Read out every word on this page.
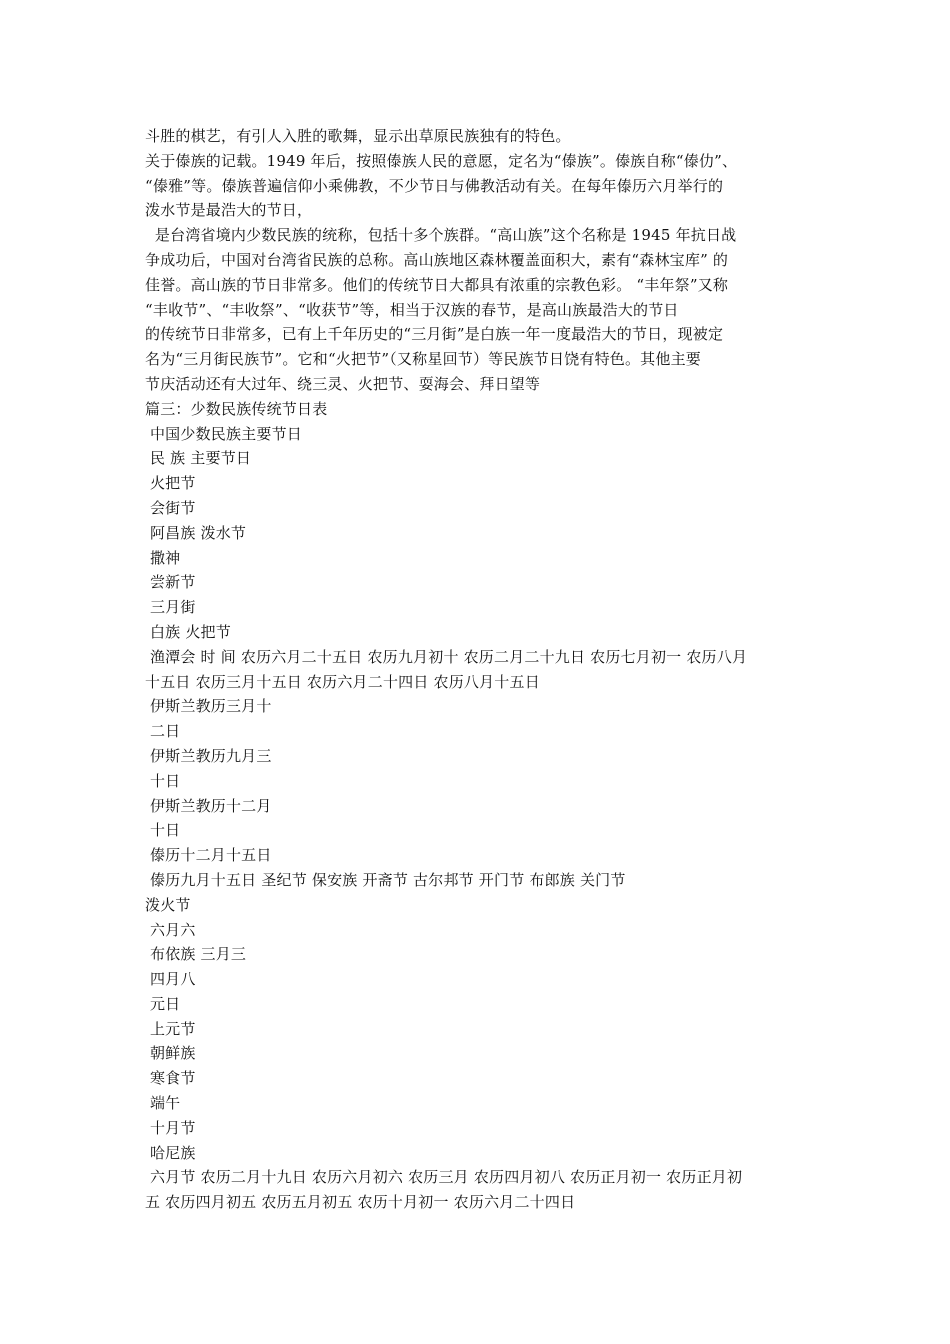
斗胜的棋艺，有引人入胜的歌舞，显示出草原民族独有的特色。
关于傣族的记载。1949 年后，按照傣族人民的意愿，定名为“傣族”。傣族自称“傣仂”、
“傣雅”等。傣族普遍信仰小乘佛教，不少节日与佛教活动有关。在每年傣历六月举行的
泼水节是最浩大的节日，
是台湾省境内少数民族的统称，包括十多个族群。“高山族”这个名称是 1945 年抗日战
争成功后，中国对台湾省民族的总称。高山族地区森林覆盖面积大，素有“森林宝库” 的
佳誉。高山族的节日非常多。他们的传统节日大都具有浓重的宗教色彩。 “丰年祭”又称
“丰收节”、“丰收祭”、“收获节”等，相当于汉族的春节，是高山族最浩大的节日
的传统节日非常多，已有上千年历史的“三月街”是白族一年一度最浩大的节日，现被定
名为“三月街民族节”。它和“火把节”（又称星回节）等民族节日饶有特色。其他主要
节庆活动还有大过年、绕三灵、火把节、耍海会、拜日望等
篇三：少数民族传统节日表
中国少数民族主要节日
民 族 主要节日
火把节
会街节
阿昌族 泼水节
撒神
尝新节
三月街
白族 火把节
渔潭会 时 间 农历六月二十五日 农历九月初十 农历二月二十九日 农历七月初一 农历八月
十五日 农历三月十五日 农历六月二十四日 农历八月十五日
伊斯兰教历三月十
二日
伊斯兰教历九月三
十日
伊斯兰教历十二月
十日
傣历十二月十五日
傣历九月十五日 圣纪节 保安族 开斋节 古尔邦节 开门节 布郎族 关门节
泼火节
六月六
布依族 三月三
四月八
元日
上元节
朝鲜族
寒食节
端午
十月节
哈尼族
六月节 农历二月十九日 农历六月初六 农历三月 农历四月初八 农历正月初一 农历正月初
五 农历四月初五 农历五月初五 农历十月初一 农历六月二十四日
